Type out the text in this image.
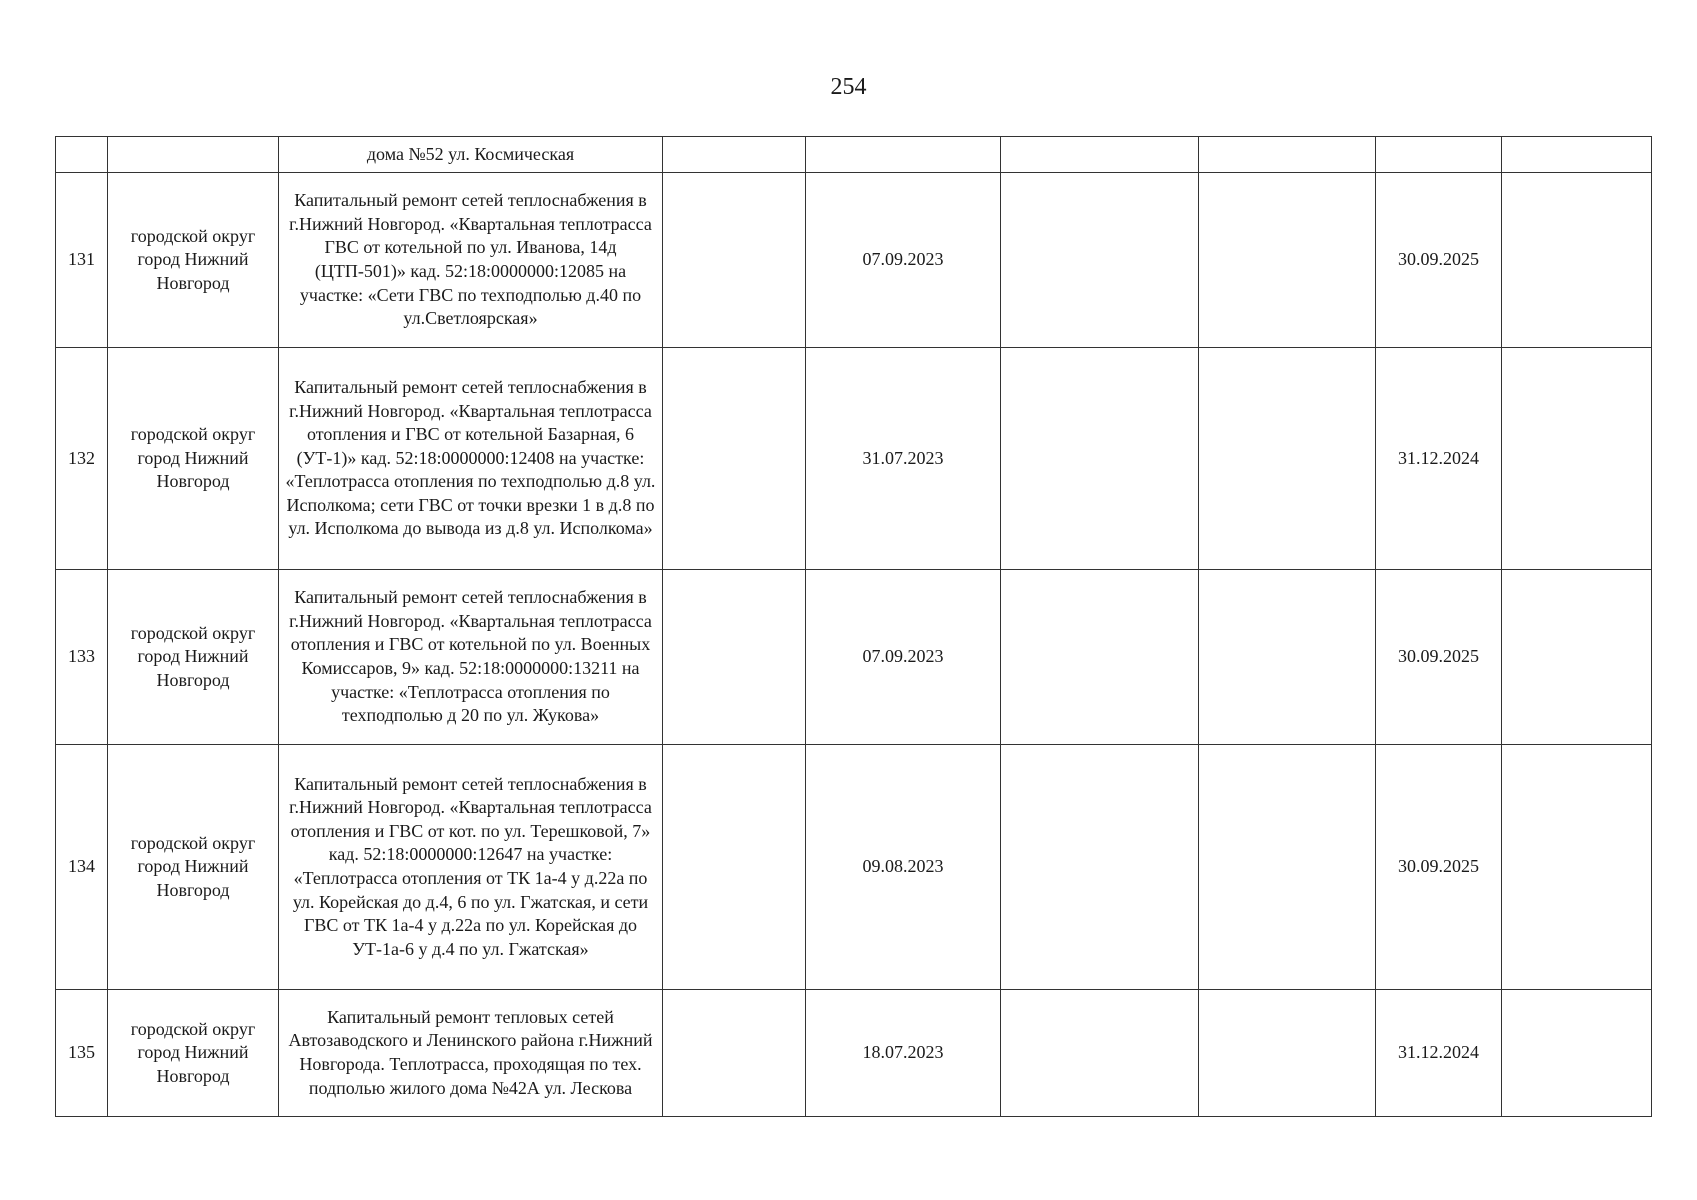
254
		дома №52 ул. Космическая						
131	городской округ город Нижний Новгород	Капитальный ремонт сетей теплоснабжения в г.Нижний Новгород. «Квартальная теплотрасса ГВС от котельной по ул. Иванова, 14д (ЦТП-501)» кад. 52:18:0000000:12085 на участке: «Сети ГВС по техподполью д.40 по ул.Светлоярская»		07.09.2023			30.09.2025	
132	городской округ город Нижний Новгород	Капитальный ремонт сетей теплоснабжения в г.Нижний Новгород. «Квартальная теплотрасса отопления и ГВС от котельной Базарная, 6 (УТ-1)» кад. 52:18:0000000:12408 на участке: «Теплотрасса отопления по техподполью д.8 ул. Исполкома; сети ГВС от точки врезки 1 в д.8 по ул. Исполкома до вывода из д.8 ул. Исполкома»		31.07.2023			31.12.2024	
133	городской округ город Нижний Новгород	Капитальный ремонт сетей теплоснабжения в г.Нижний Новгород. «Квартальная теплотрасса отопления и ГВС от котельной по ул. Военных Комиссаров, 9» кад. 52:18:0000000:13211 на участке: «Теплотрасса отопления по техподполью д 20 по ул. Жукова»		07.09.2023			30.09.2025	
134	городской округ город Нижний Новгород	Капитальный ремонт сетей теплоснабжения в г.Нижний Новгород. «Квартальная теплотрасса отопления и ГВС от кот. по ул. Терешковой, 7» кад. 52:18:0000000:12647 на участке: «Теплотрасса отопления от ТК 1а-4 у д.22а по ул. Корейская до д.4, 6 по ул. Гжатская, и сети ГВС от ТК 1а-4 у д.22а по ул. Корейская до УТ-1а-6 у д.4 по ул. Гжатская»		09.08.2023			30.09.2025	
135	городской округ город Нижний Новгород	Капитальный ремонт тепловых сетей Автозаводского и Ленинского района г.Нижний Новгорода. Теплотрасса, проходящая по тех. подполью жилого дома №42А ул. Лескова		18.07.2023			31.12.2024	
